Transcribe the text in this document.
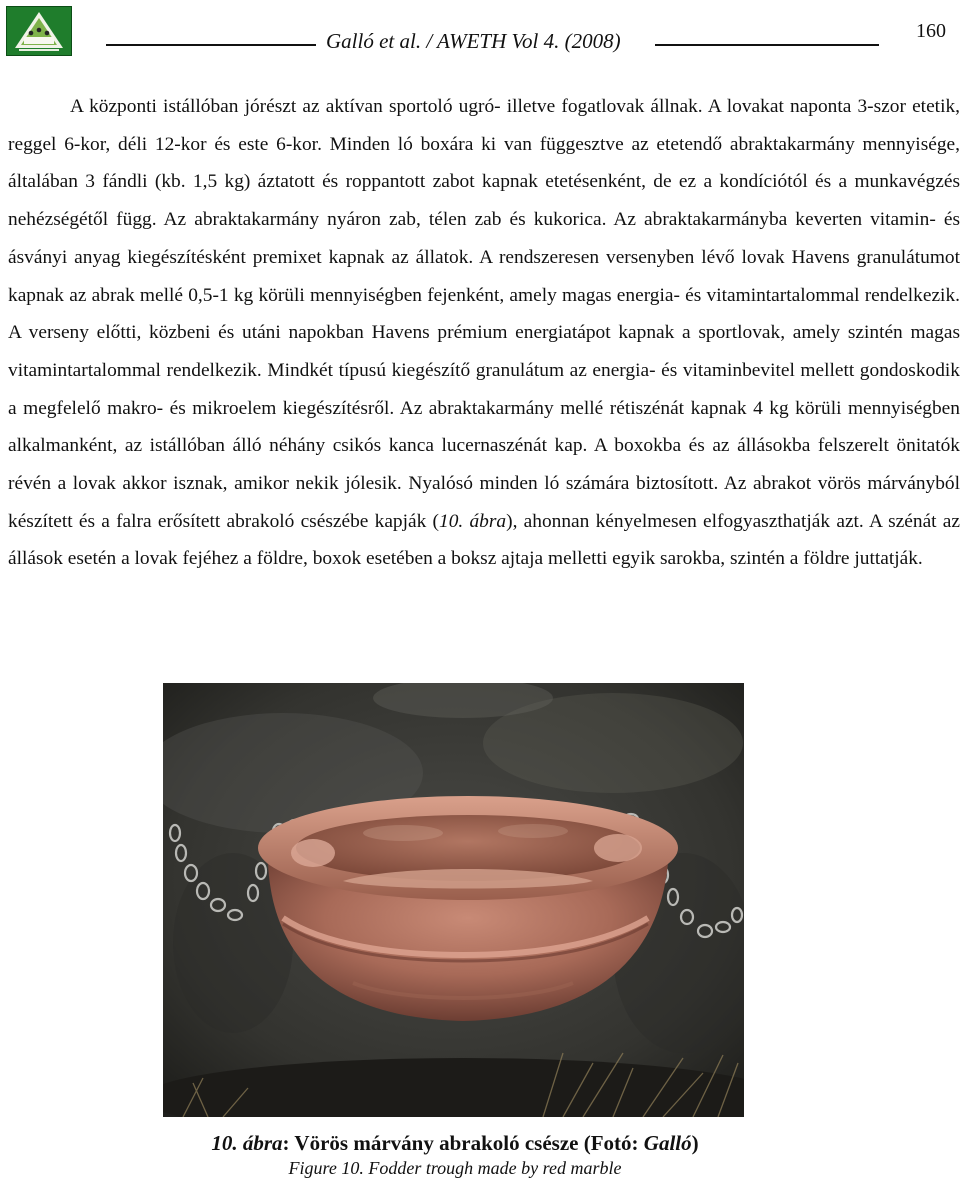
Galló et al. / AWETH Vol 4. (2008)	160

A központi istállóban jórészt az aktívan sportoló ugró- illetve fogatlovak állnak. A lovakat naponta 3-szor etetik, reggel 6-kor, déli 12-kor és este 6-kor. Minden ló boxára ki van függesztve az etetendő abraktakarmány mennyisége, általában 3 fándli (kb. 1,5 kg) áztatott és roppantott zabot kapnak etetésenként, de ez a kondíciótól és a munkavégzés nehézségétől függ. Az abraktakarmány nyáron zab, télen zab és kukorica. Az abraktakarmányba keverten vitamin- és ásványi anyag kiegészítésként premixet kapnak az állatok. A rendszeresen versenyben lévő lovak Havens granulátumot kapnak az abrak mellé 0,5-1 kg körüli mennyiségben fejenként, amely magas energia- és vitamintartalommal rendelkezik. A verseny előtti, közbeni és utáni napokban Havens prémium energiatápot kapnak a sportlovak, amely szintén magas vitamintartalommal rendelkezik. Mindkét típusú kiegészítő granulátum az energia- és vitaminbevitel mellett gondoskodik a megfelelő makro- és mikroelem kiegészítésről. Az abraktakarmány mellé rétiszénát kapnak 4 kg körüli mennyiségben alkalmanként, az istállóban álló néhány csikós kanca lucernaszénát kap. A boxokba és az állásokba felszerelt önitatók révén a lovak akkor isznak, amikor nekik jólesik. Nyalósó minden ló számára biztosított. Az abrakot vörös márványból készített és a falra erősített abrakoló csészébe kapják (10. ábra), ahonnan kényelmesen elfogyaszthatják azt. A szénát az állások esetén a lovak fejéhez a földre, boxok esetében a boksz ajtaja melletti egyik sarokba, szintén a földre juttatják.

10. ábra: Vörös márvány abrakoló csésze (Fotó: Galló)
Figure 10. Fodder trough made by red marble
